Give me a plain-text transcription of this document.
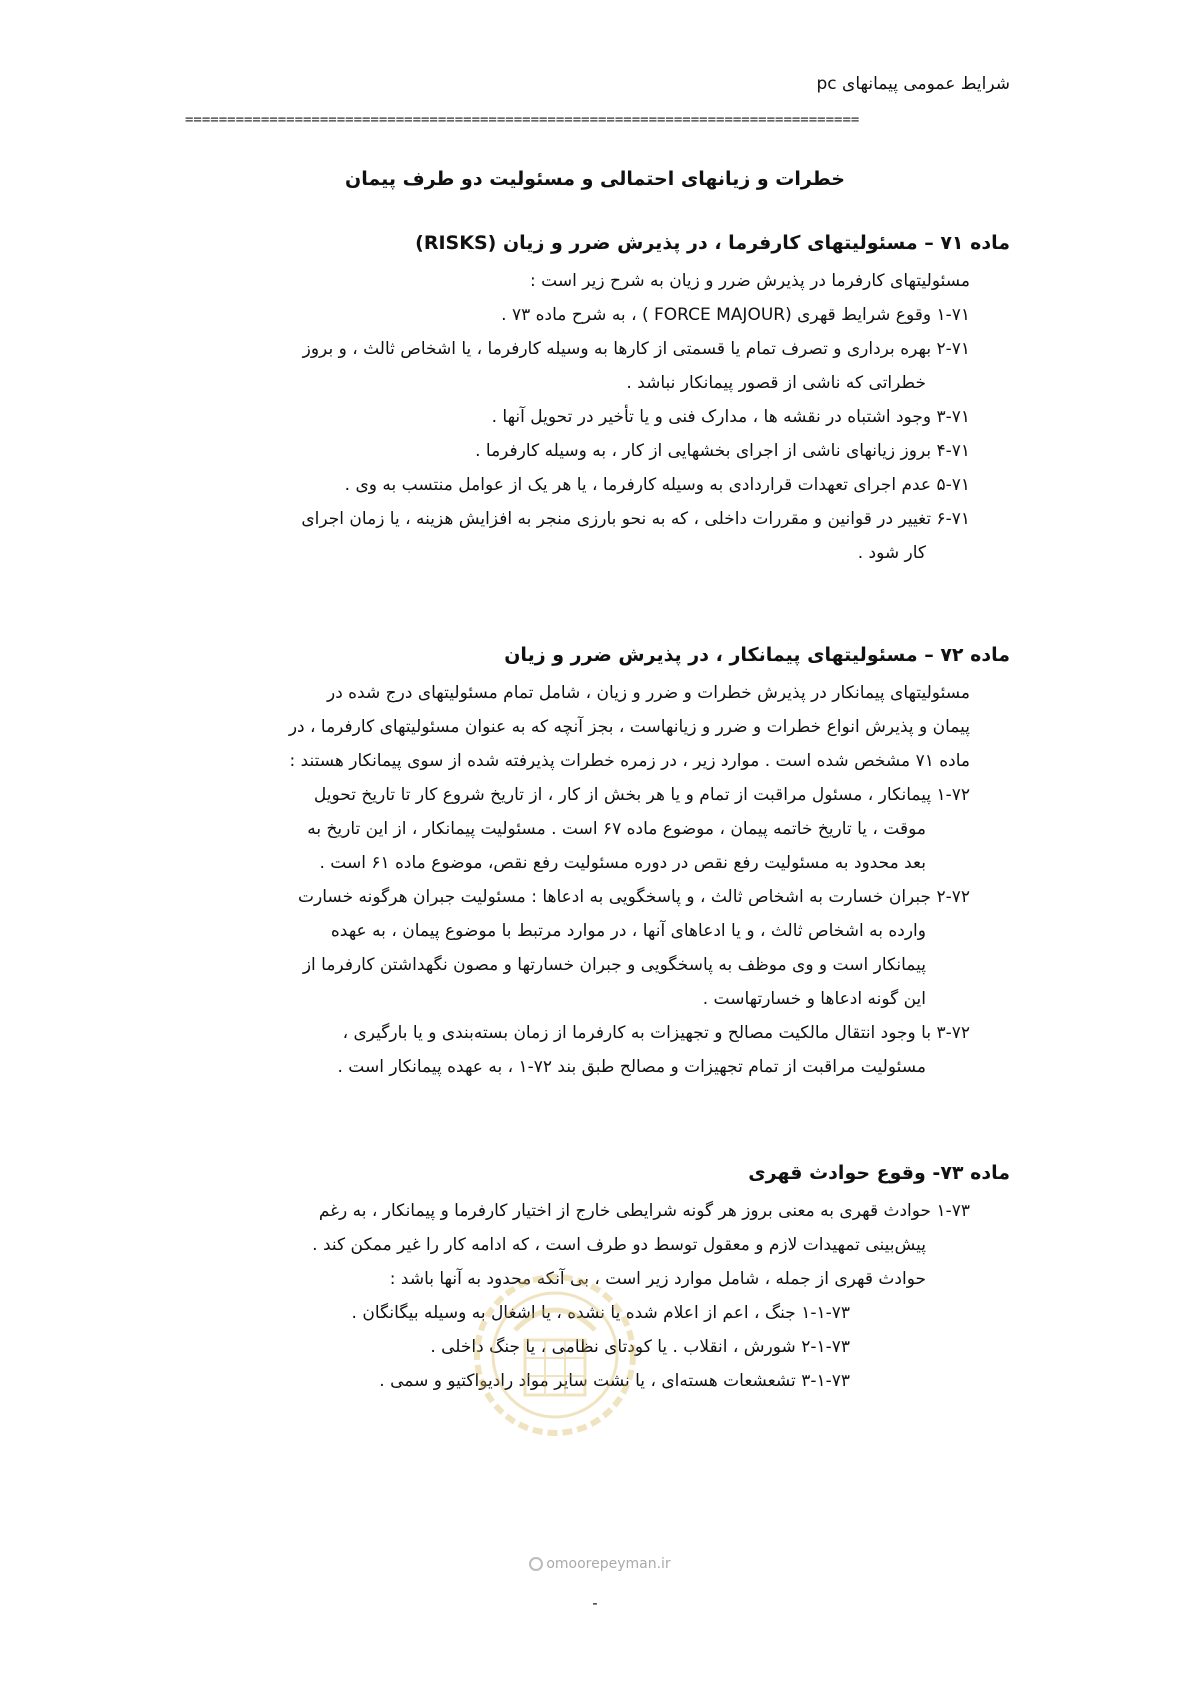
شرایط عمومی پیمانهای pc
================================================================================
خطرات و زیانهای احتمالی و مسئولیت دو طرف پیمان
ماده ۷۱ – مسئولیتهای کارفرما ، در پذیرش ضرر و زیان (RISKS)
مسئولیتهای کارفرما در پذیرش ضرر و زیان به شرح زیر است :
۱-۷۱ وقوع شرایط قهری (FORCE MAJOUR ) ، به شرح ماده ۷۳ .
۲-۷۱ بهره برداری و تصرف تمام یا قسمتی از کارها به وسیله کارفرما ، یا اشخاص ثالث ، و بروز
خطراتی که ناشی از قصور پیمانکار نباشد .
۳-۷۱ وجود اشتباه در نقشه ها ، مدارک فنی و یا تأخیر در تحویل آنها .
۴-۷۱ بروز زیانهای ناشی از اجرای بخشهایی از کار ، به وسیله کارفرما .
۵-۷۱ عدم اجرای تعهدات قراردادی به وسیله کارفرما ، یا هر یک از عوامل منتسب به وی .
۶-۷۱ تغییر در قوانین و مقررات داخلی ، که به نحو بارزی منجر به افزایش هزینه ، یا زمان اجرای
کار شود .
ماده ۷۲ – مسئولیتهای پیمانکار ، در پذیرش ضرر و زیان
مسئولیتهای پیمانکار در پذیرش خطرات و ضرر و زیان ، شامل تمام مسئولیتهای درج شده در
پیمان و پذیرش انواع خطرات و ضرر و زیانهاست ، بجز آنچه که به عنوان مسئولیتهای کارفرما ، در
ماده ۷۱ مشخص شده است . موارد زیر ، در زمره خطرات پذیرفته شده از سوی پیمانکار هستند :
۱-۷۲ پیمانکار ، مسئول مراقبت از تمام و یا هر بخش از کار ، از تاریخ شروع کار تا تاریخ تحویل
موقت ، یا تاریخ خاتمه پیمان ، موضوع ماده ۶۷ است . مسئولیت پیمانکار ، از این تاریخ به
بعد محدود به مسئولیت رفع نقص در دوره مسئولیت رفع نقص، موضوع ماده ۶۱ است .
۲-۷۲ جبران خسارت به اشخاص ثالث ، و پاسخگویی به ادعاها : مسئولیت جبران هرگونه خسارت
وارده به اشخاص ثالث ، و یا ادعاهای آنها ، در موارد مرتبط با موضوع پیمان ، به عهده
پیمانکار است و وی موظف به پاسخگویی و جبران خسارتها و مصون نگهداشتن کارفرما از
این گونه ادعاها و خسارتهاست .
۳-۷۲ با وجود انتقال مالکیت مصالح و تجهیزات به کارفرما از زمان بسته‌بندی و یا بارگیری ،
مسئولیت مراقبت از تمام تجهیزات و مصالح طبق بند ۷۲-۱ ، به عهده پیمانکار است .
ماده ۷۳- وقوع حوادث قهری
۱-۷۳ حوادث قهری به معنی بروز هر گونه شرایطی خارج از اختیار کارفرما و پیمانکار ، به رغم
پیش‌بینی تمهیدات لازم و معقول توسط دو طرف است ، که ادامه کار را غیر ممکن کند .
حوادث قهری از جمله ، شامل موارد زیر است ، بی آنکه محدود به آنها باشد :
۱-۱-۷۳ جنگ ، اعم از اعلام شده یا نشده ، یا اشغال به وسیله بیگانگان .
۲-۱-۷۳ شورش ، انقلاب . یا کودتای نظامی ، یا جنگ داخلی .
۳-۱-۷۳ تشعشعات هسته‌ای ، یا نشت سایر مواد رادیواکتیو و سمی .
omoorepeyman.ir
-
